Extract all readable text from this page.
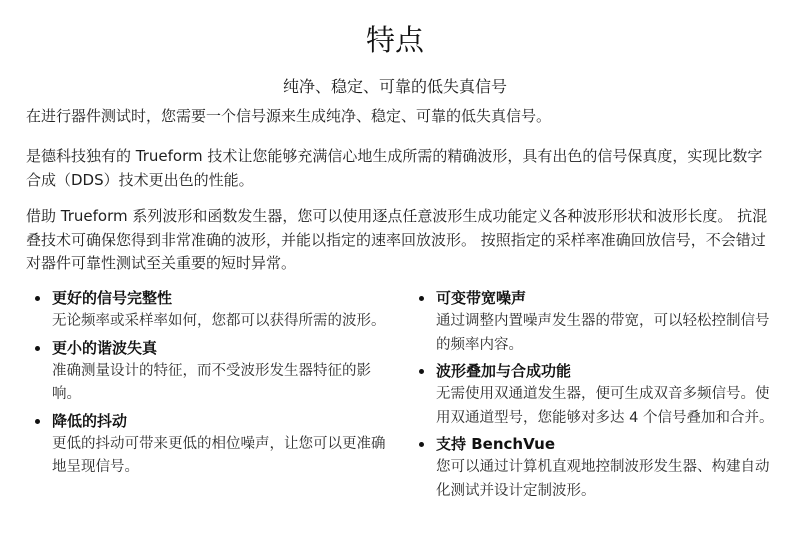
特点
纯净、稳定、可靠的低失真信号

在进行器件测试时，您需要一个信号源来生成纯净、稳定、可靠的低失真信号。

是德科技独有的 Trueform 技术让您能够充满信心地生成所需的精确波形，具有出色的信号保真度，实现比数字合成（DDS）技术更出色的性能。

借助 Trueform 系列波形和函数发生器，您可以使用逐点任意波形生成功能定义各种波形形状和波形长度。 抗混叠技术可确保您得到非常准确的波形，并能以指定的速率回放波形。 按照指定的采样率准确回放信号，不会错过对器件可靠性测试至关重要的短时异常。

更好的信号完整性
无论频率或采样率如何，您都可以获得所需的波形。
更小的谐波失真
准确测量设计的特征，而不受波形发生器特征的影响。
降低的抖动
更低的抖动可带来更低的相位噪声，让您可以更准确地呈现信号。
可变带宽噪声
通过调整内置噪声发生器的带宽，可以轻松控制信号的频率内容。
波形叠加与合成功能
无需使用双通道发生器，便可生成双音多频信号。使用双通道型号，您能够对多达 4 个信号叠加和合并。
支持 BenchVue
您可以通过计算机直观地控制波形发生器、构建自动化测试并设计定制波形。
